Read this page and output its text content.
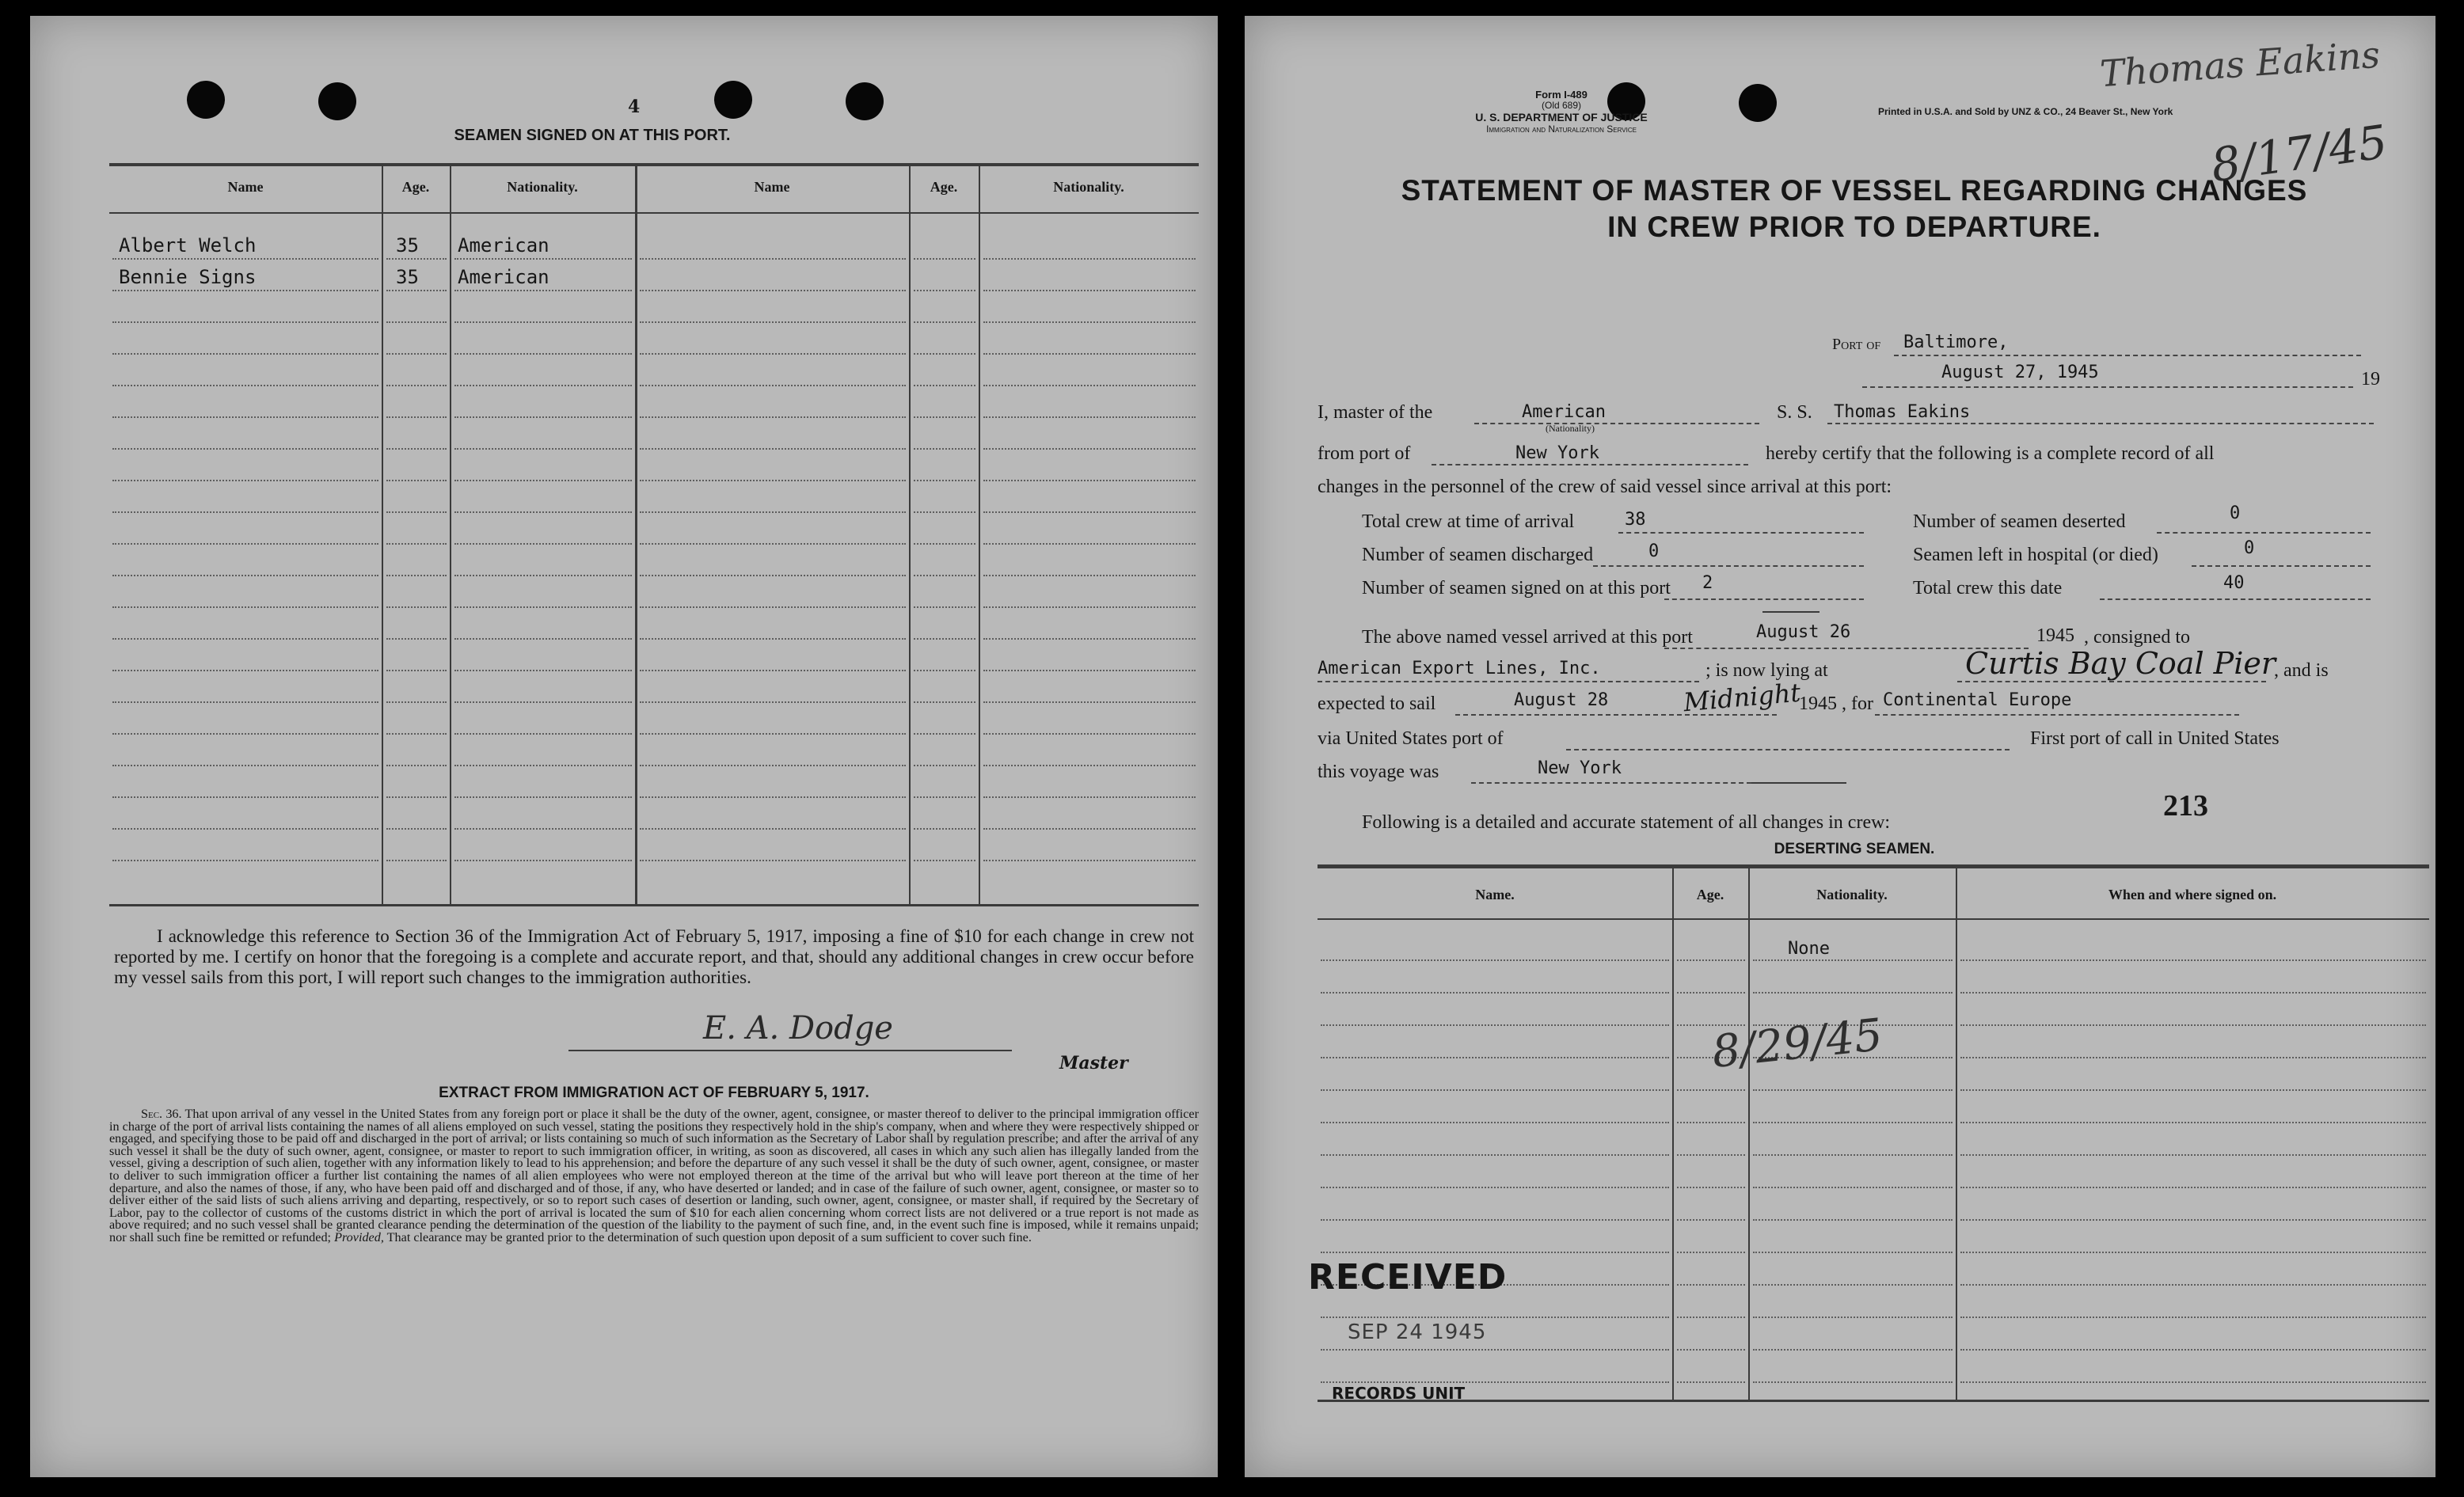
4
SEAMEN SIGNED ON AT THIS PORT.
Name	Age.	Nationality.	Name	Age.	Nationality.
Albert Welch	35 American
Bennie Signs	35 American
I acknowledge this reference to Section 36 of the Immigration Act of February 5, 1917, imposing a fine of $10 for each change in crew not reported by me. I certify on honor that the foregoing is a complete and accurate report, and that, should any additional changes in crew occur before my vessel sails from this port, I will report such changes to the immigration authorities.
E. A. Dodge
Master
EXTRACT FROM IMMIGRATION ACT OF FEBRUARY 5, 1917.
Sec. 36. That upon arrival of any vessel in the United States from any foreign port or place it shall be the duty of the owner, agent, consignee, or master thereof to deliver to the principal immigration officer in charge of the port of arrival lists containing the names of all aliens employed on such vessel, stating the positions they respectively hold in the ship's company, when and where they were respectively shipped or engaged, and specifying those to be paid off and discharged in the port of arrival; or lists containing so much of such information as the Secretary of Labor shall by regulation prescribe; and after the arrival of any such vessel it shall be the duty of such owner, agent, consignee, or master to report to such immigration officer, in writing, as soon as discovered, all cases in which any such alien has illegally landed from the vessel, giving a description of such alien, together with any information likely to lead to his apprehension; and before the departure of any such vessel it shall be the duty of such owner, agent, consignee, or master to deliver to such immigration officer a further list containing the names of all alien employees who were not employed thereon at the time of the arrival but who will leave port thereon at the time of her departure, and also the names of those, if any, who have been paid off and discharged and of those, if any, who have deserted or landed; and in case of the failure of such owner, agent, consignee, or master so to deliver either of the said lists of such aliens arriving and departing, respectively, or so to report such cases of desertion or landing, such owner, agent, consignee, or master shall, if required by the Secretary of Labor, pay to the collector of customs of the customs district in which the port of arrival is located the sum of $10 for each alien concerning whom correct lists are not delivered or a true report is not made as above required; and no such vessel shall be granted clearance pending the determination of the question of the liability to the payment of such fine, and, in the event such fine is imposed, while it remains unpaid; nor shall such fine be remitted or refunded; Provided, That clearance may be granted prior to the determination of such question upon deposit of a sum sufficient to cover such fine.
Form I-489
(Old 689)
U. S. DEPARTMENT OF JUSTICE
Immigration and Naturalization Service
Printed in U.S.A. and Sold by UNZ & CO., 24 Beaver St., New York
Thomas Eakins
8/17/45
STATEMENT OF MASTER OF VESSEL REGARDING CHANGES
IN CREW PRIOR TO DEPARTURE.
Port of Baltimore,
August 27, 1945	19
I, master of the	American
(Nationality)
S. S. Thomas Eakins
from port of	New York	hereby certify that the following is a complete record of all
changes in the personnel of the crew of said vessel since arrival at this port:
Total crew at time of arrival	38	Number of seamen deserted	0
Number of seamen discharged	0	Seamen left in hospital (or died)	0
Number of seamen signed on at this port 2	Total crew this date	40
The above named vessel arrived at this port	August 26	1945 , consigned to
American Export Lines, Inc.	; is now lying at	Curtis Bay Coal Pier
, and is
expected to sail	August 28	Midnight
1945 , for Continental Europe
via United States port of	First port of call in United States
this voyage was	New York
213
Following is a detailed and accurate statement of all changes in crew:
DESERTING SEAMEN.
Name.	Age.	Nationality.	When and where signed on.
None
8/29/45
RECEIVED
SEP 24 1945
RECORDS UNIT
